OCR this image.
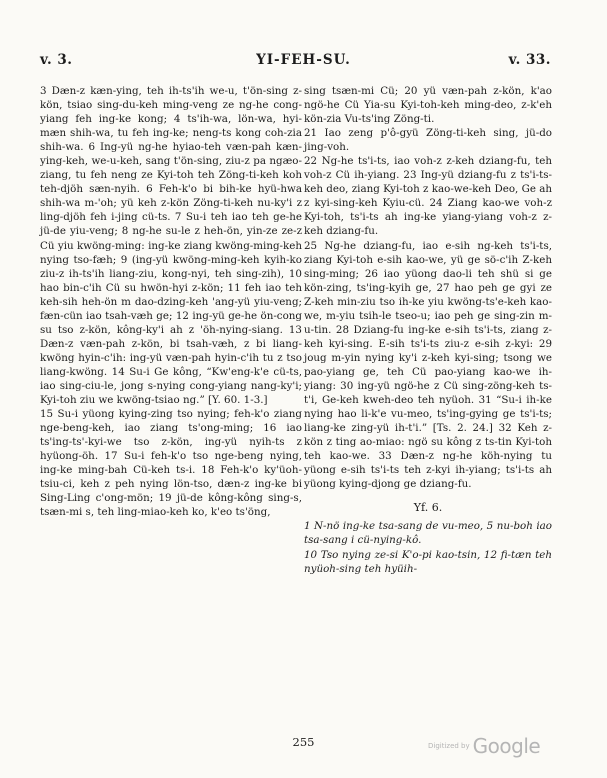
v. 3.	YI-FEH-SU.	v. 33.

3 Dæn-z kæn-ying, teh ih-ts'ih we-u, t'ön-sing z-kön, tsiao sing-du-keh ming-veng ze ng-he cong-yiang feh ing-ke kong; 4 ts'ih-wa, lön-wa, hyi-mæn shih-wa, tu feh ing-ke; neng-ts kong coh-zia shih-wa. 6 Ing-yü ng-he hyiao-teh væn-pah kæn-ying-keh, we-u-keh, sang t'ön-sing, ziu-z pa ngæo-ziang, tu feh neng ze Kyi-toh teh Zöng-ti-keh koh teh-djöh sæn-nyih. 6 Feh-k'o bi bih-ke hyü-hwa shih-wa m-'oh; yü keh z-kön Zöng-ti-keh nu-ky'i z ling-djöh feh i-jing cü-ts. 7 Su-i teh iao teh ge-he jü-de yiu-veng; 8 ng-he su-le z heh-ön, yin-ze ze-z Cü yiu kwöng-ming: ing-ke ziang kwöng-ming-keh nying tso-fæh; 9 (ing-yü kwöng-ming-keh kyih-ko ziu-z ih-ts'ih liang-ziu, kong-nyi, teh sing-zih), 10 hao bin-c'ih Cü su hwön-hyi z-kön; 11 feh iao teh keh-sih heh-ön m dao-dzing-keh 'ang-yü yiu-veng; fæn-cün iao tsah-væh ge; 12 ing-yü ge-he ön-cong su tso z-kön, kông-ky'i ah z 'öh-nying-siang. 13 Dæn-z væn-pah z-kön, bi tsah-væh, z bi liang-kwöng hyin-c'ih: ing-yü væn-pah hyin-c'ih tu z tso liang-kwöng. 14 Su-i Ge kông, “Kw'eng-k'e cü-ts, iao sing-ciu-le, jong s-nying cong-yiang nang-ky'i; Kyi-toh ziu we kwöng-tsiao ng.” [Y. 60. 1-3.]

15 Su-i yüong kying-zing tso nying; feh-k'o ziang nge-beng-keh, iao ziang ts'ong-ming; 16 iao ts'ing-ts'-kyi-we tso z-kön, ing-yü nyih-ts z hyüong-öh. 17 Su-i feh-k'o tso nge-beng nying, ing-ke ming-bah Cü-keh ts-i. 18 Feh-k'o ky'üoh-tsiu-ci, keh z peh nying lön-tso, dæn-z ing-ke bi Sing-Ling c'ong-mön; 19 jü-de kông-kông sing-s, tsæn-mi s, teh ling-miao-keh ko, k'eo ts'öng,

sing tsæn-mi Cü; 20 yü væn-pah z-kön, k'ao ngö-he Cü Yia-su Kyi-toh-keh ming-deo, z-k'eh kön-zia Vu-ts'ing Zöng-ti.

21 Iao zeng p'ô-gyü Zöng-ti-keh sing, jü-do jing-voh.

22 Ng-he ts'i-ts, iao voh-z z-keh dziang-fu, teh voh-z Cü ih-yiang. 23 Ing-yü dziang-fu z ts'i-ts-keh deo, ziang Kyi-toh z kao-we-keh Deo, Ge ah z kyi-sing-keh Kyiu-cü. 24 Ziang kao-we voh-z Kyi-toh, ts'i-ts ah ing-ke yiang-yiang voh-z z-keh dziang-fu.

25 Ng-he dziang-fu, iao e-sih ng-keh ts'i-ts, ziang Kyi-toh e-sih kao-we, yü ge sö-c'ih Z-keh sing-ming; 26 iao yüong dao-li teh shü si ge kön-zing, ts'ing-kyih ge, 27 hao peh ge gyi ze Z-keh min-ziu tso ih-ke yiu kwöng-ts'e-keh kao-we, m-yiu tsih-le tseo-u; iao peh ge sing-zin m-u-tin. 28 Dziang-fu ing-ke e-sih ts'i-ts, ziang z-keh kyi-sing. E-sih ts'i-ts ziu-z e-sih z-kyi: 29 joug m-yin nying ky'i z-keh kyi-sing; tsong we pao-yiang ge, teh Cü pao-yiang kao-we ih-yiang: 30 ing-yü ngö-he z Cü sing-zöng-keh ts-t'i, Ge-keh kweh-deo teh nyüoh. 31 “Su-i ih-ke nying hao li-k'e vu-meo, ts'ing-gying ge ts'i-ts; liang-ke zing-yü ih-t'i.” [Ts. 2. 24.] 32 Keh z-kön z ting ao-miao: ngö su kông z ts-tin Kyi-toh teh kao-we. 33 Dæn-z ng-he köh-nying tu yüong e-sih ts'i-ts teh z-kyi ih-yiang; ts'i-ts ah yüong kying-djong ge dziang-fu.

Yf. 6.

1 N-nö ing-ke tsa-sang de vu-meo, 5 nu-boh iao tsa-sang i cü-nying-kô.

10 Tso nying ze-si K'o-pi kao-tsin, 12 fi-tæn teh nyüoh-sing teh hyüih-

255	Digitized by Google
